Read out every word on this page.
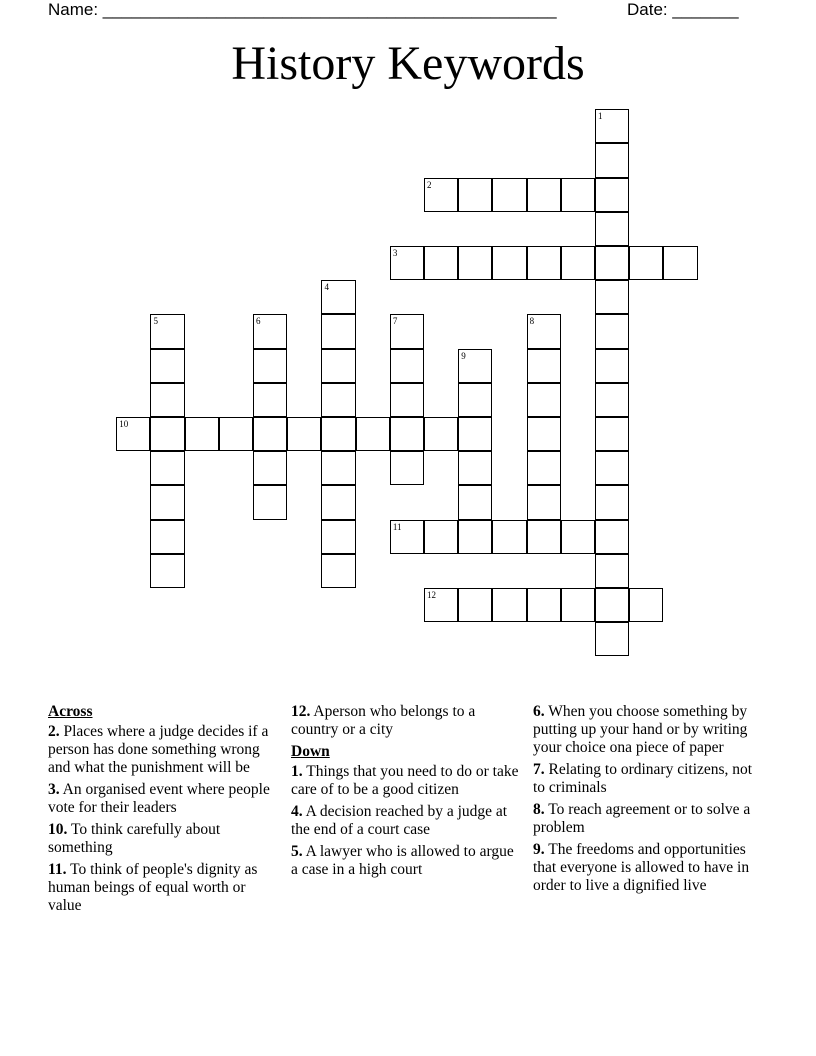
Name: ________________________________________________	Date: _______
History Keywords
1
2
3
4
5	6	7	8
9
10
11
12
Across
2. Places where a judge decides if a person has done something wrong and what the punishment will be
3. An organised event where people vote for their leaders
10. To think carefully about something
11. To think of people's dignity as human beings of equal worth or value
12. Aperson who belongs to a country or a city
Down
1. Things that you need to do or take care of to be a good citizen
4. A decision reached by a judge at the end of a court case
5. A lawyer who is allowed to argue a case in a high court
6. When you choose something by putting up your hand or by writing your choice ona piece of paper
7. Relating to ordinary citizens, not to criminals
8. To reach agreement or to solve a problem
9. The freedoms and opportunities that everyone is allowed to have in order to live a dignified live
